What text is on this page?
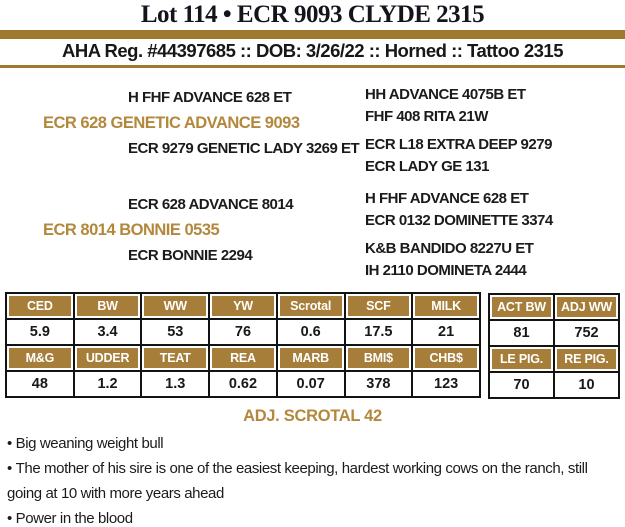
Lot 114 • ECR 9093 CLYDE 2315
AHA Reg. #44397685 :: DOB: 3/26/22 :: Horned :: Tattoo 2315
H FHF ADVANCE 628 ET
ECR 628 GENETIC ADVANCE 9093
ECR 9279 GENETIC LADY 3269 ET
HH ADVANCE 4075B ET
FHF 408 RITA 21W
ECR L18 EXTRA DEEP 9279
ECR LADY GE 131
ECR 628 ADVANCE 8014
ECR 8014 BONNIE 0535
ECR BONNIE 2294
H FHF ADVANCE 628 ET
ECR 0132 DOMINETTE 3374
K&B BANDIDO 8227U ET
IH 2110 DOMINETA 2444
CED	BW	WW	YW	Scrotal	SCF	MILK
5.9	3.4	53	76	0.6	17.5	21
M&G	UDDER	TEAT	REA	MARB	BMI$	CHB$
48	1.2	1.3	0.62	0.07	378	123
ACT BW	ADJ WW
81	752
LE PIG.	RE PIG.
70	10
ADJ. SCROTAL 42
• Big weaning weight bull
• The mother of his sire is one of the easiest keeping, hardest working cows on the ranch, still going at 10 with more years ahead
• Power in the blood
